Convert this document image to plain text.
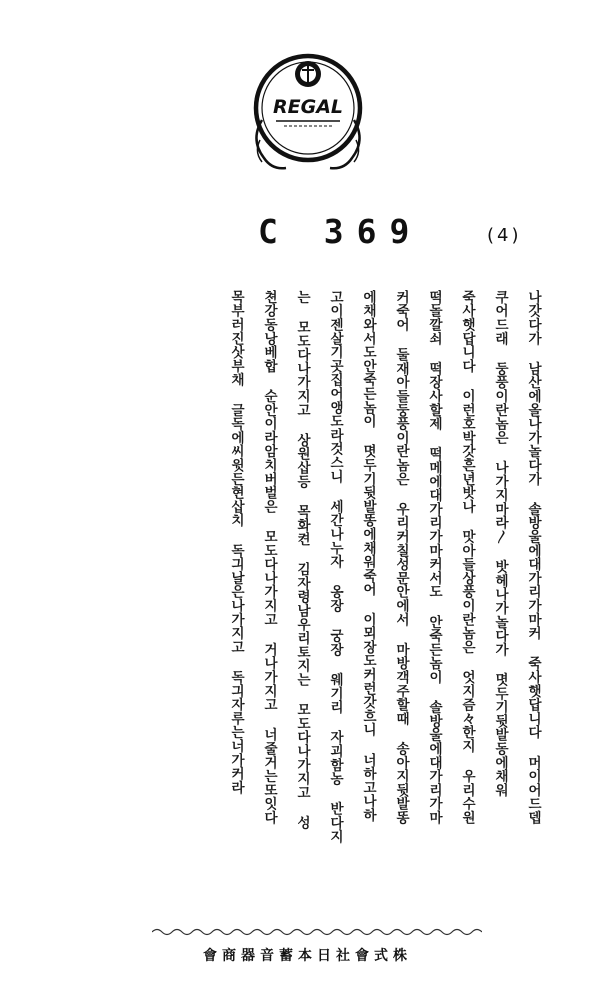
REGAL
C 369	(4)
나갓다가 남산에올나가놀다가 솔방울에대가리가마커 죽사햇답니다 머이어드뎁
쿠어드래 둥풍이란놈은 나가지마라〳 밧헤나가놀다가 몃두기뒷발동에채워
죽사햇답니다 이런호박갓흔년밧나 맛아들상풍이란놈은 엇지즘々한지 우리수원
떡돌깔쇠 떡장사할제 떡메에대가리가마커서도 안죽든놈이 솔방울에대가리가마
커죽어 둘재아들둥풍이란놈은 우리커칠성문안에서 마방객주할때 송아지뒷발똥
에채와서도안죽든놈이 몃두기뒷발똥에채워죽어 이뫼장도커런갓흐니 너하고나하
고이젠살기곳집어앵도라것스니 세간나누자 옹장 궁장 웨기리 자괴함농 반다지
는 모도다나가지고 상원삽등 목화켠 김자령남우리토지는 모도다나가지고 성
쳔강동낭베합 순안이라암치버벌은 모도다나가지고 거나가지고 너줄거는또잇다
목부러진삿부채 글독에씨윗든현삽치 독긔날은나가지고 독긔자루는너가커라
會商器音蓄本日社會式株
